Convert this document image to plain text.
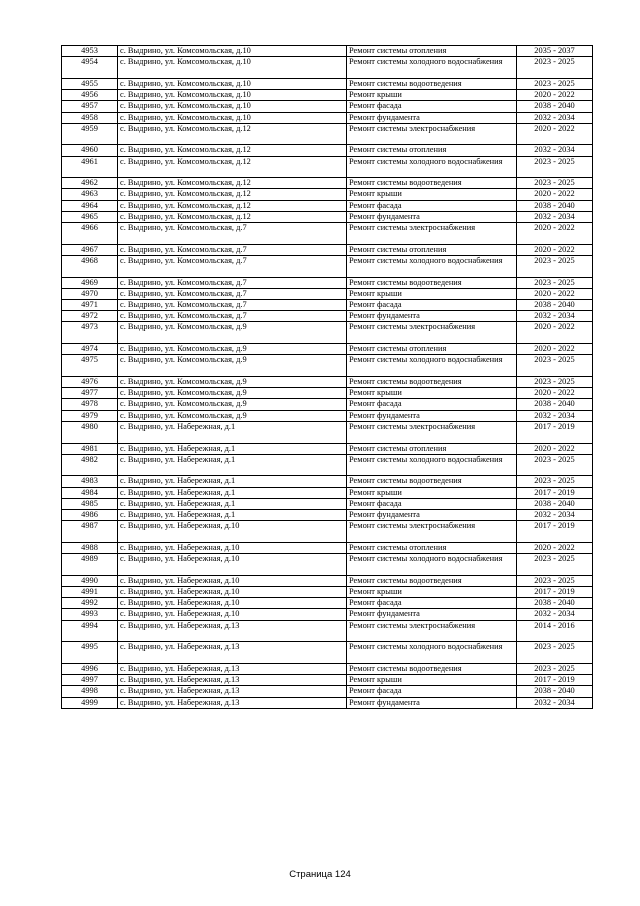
4953	с. Выдрино, ул. Комсомольская, д.10	Ремонт системы отопления	2035 - 2037
4954	с. Выдрино, ул. Комсомольская, д.10	Ремонт системы холодного водоснабжения	2023 - 2025
4955	с. Выдрино, ул. Комсомольская, д.10	Ремонт системы водоотведения	2023 - 2025
4956	с. Выдрино, ул. Комсомольская, д.10	Ремонт крыши	2020 - 2022
4957	с. Выдрино, ул. Комсомольская, д.10	Ремонт фасада	2038 - 2040
4958	с. Выдрино, ул. Комсомольская, д.10	Ремонт фундамента	2032 - 2034
4959	с. Выдрино, ул. Комсомольская, д.12	Ремонт системы электроснабжения	2020 - 2022
4960	с. Выдрино, ул. Комсомольская, д.12	Ремонт системы отопления	2032 - 2034
4961	с. Выдрино, ул. Комсомольская, д.12	Ремонт системы холодного водоснабжения	2023 - 2025
4962	с. Выдрино, ул. Комсомольская, д.12	Ремонт системы водоотведения	2023 - 2025
4963	с. Выдрино, ул. Комсомольская, д.12	Ремонт крыши	2020 - 2022
4964	с. Выдрино, ул. Комсомольская, д.12	Ремонт фасада	2038 - 2040
4965	с. Выдрино, ул. Комсомольская, д.12	Ремонт фундамента	2032 - 2034
4966	с. Выдрино, ул. Комсомольская, д.7	Ремонт системы электроснабжения	2020 - 2022
4967	с. Выдрино, ул. Комсомольская, д.7	Ремонт системы отопления	2020 - 2022
4968	с. Выдрино, ул. Комсомольская, д.7	Ремонт системы холодного водоснабжения	2023 - 2025
4969	с. Выдрино, ул. Комсомольская, д.7	Ремонт системы водоотведения	2023 - 2025
4970	с. Выдрино, ул. Комсомольская, д.7	Ремонт крыши	2020 - 2022
4971	с. Выдрино, ул. Комсомольская, д.7	Ремонт фасада	2038 - 2040
4972	с. Выдрино, ул. Комсомольская, д.7	Ремонт фундамента	2032 - 2034
4973	с. Выдрино, ул. Комсомольская, д.9	Ремонт системы электроснабжения	2020 - 2022
4974	с. Выдрино, ул. Комсомольская, д.9	Ремонт системы отопления	2020 - 2022
4975	с. Выдрино, ул. Комсомольская, д.9	Ремонт системы холодного водоснабжения	2023 - 2025
4976	с. Выдрино, ул. Комсомольская, д.9	Ремонт системы водоотведения	2023 - 2025
4977	с. Выдрино, ул. Комсомольская, д.9	Ремонт крыши	2020 - 2022
4978	с. Выдрино, ул. Комсомольская, д.9	Ремонт фасада	2038 - 2040
4979	с. Выдрино, ул. Комсомольская, д.9	Ремонт фундамента	2032 - 2034
4980	с. Выдрино, ул. Набережная, д.1	Ремонт системы электроснабжения	2017 - 2019
4981	с. Выдрино, ул. Набережная, д.1	Ремонт системы отопления	2020 - 2022
4982	с. Выдрино, ул. Набережная, д.1	Ремонт системы холодного водоснабжения	2023 - 2025
4983	с. Выдрино, ул. Набережная, д.1	Ремонт системы водоотведения	2023 - 2025
4984	с. Выдрино, ул. Набережная, д.1	Ремонт крыши	2017 - 2019
4985	с. Выдрино, ул. Набережная, д.1	Ремонт фасада	2038 - 2040
4986	с. Выдрино, ул. Набережная, д.1	Ремонт фундамента	2032 - 2034
4987	с. Выдрино, ул. Набережная, д.10	Ремонт системы электроснабжения	2017 - 2019
4988	с. Выдрино, ул. Набережная, д.10	Ремонт системы отопления	2020 - 2022
4989	с. Выдрино, ул. Набережная, д.10	Ремонт системы холодного водоснабжения	2023 - 2025
4990	с. Выдрино, ул. Набережная, д.10	Ремонт системы водоотведения	2023 - 2025
4991	с. Выдрино, ул. Набережная, д.10	Ремонт крыши	2017 - 2019
4992	с. Выдрино, ул. Набережная, д.10	Ремонт фасада	2038 - 2040
4993	с. Выдрино, ул. Набережная, д.10	Ремонт фундамента	2032 - 2034
4994	с. Выдрино, ул. Набережная, д.13	Ремонт системы электроснабжения	2014 - 2016
4995	с. Выдрино, ул. Набережная, д.13	Ремонт системы холодного водоснабжения	2023 - 2025
4996	с. Выдрино, ул. Набережная, д.13	Ремонт системы водоотведения	2023 - 2025
4997	с. Выдрино, ул. Набережная, д.13	Ремонт крыши	2017 - 2019
4998	с. Выдрино, ул. Набережная, д.13	Ремонт фасада	2038 - 2040
4999	с. Выдрино, ул. Набережная, д.13	Ремонт фундамента	2032 - 2034
Страница 124
